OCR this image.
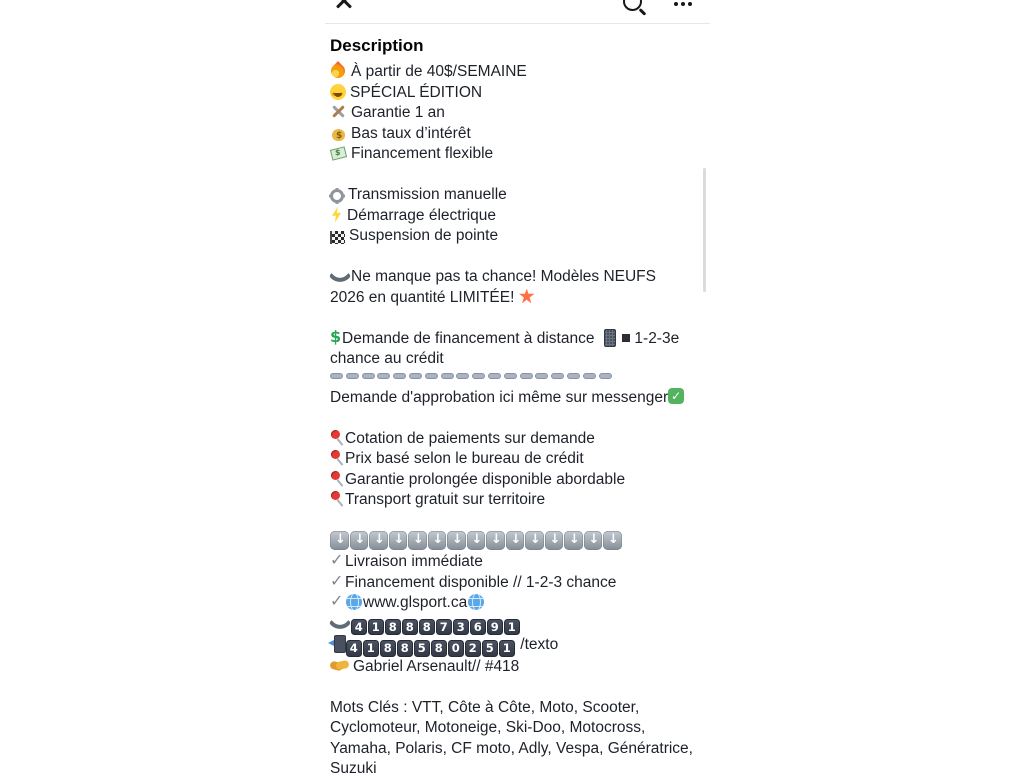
Description
À partir de 40$/SEMAINE
★ ★SPÉCIAL ÉDITION
Garantie 1 an
$Bas taux d’intérêt
$Financement flexible
Transmission manuelle
Démarrage électrique
Suspension de pointe
Ne manque pas ta chance! Modèles NEUFS 2026 en quantité LIMITÉE!
$Demande de financement à distance	1-2-3e chance au crédit
Demande d'approbation ici même sur messenger✓
Cotation de paiements sur demande
Prix basé selon le bureau de crédit
Garantie prolongée disponible abordable
Transport gratuit sur territoire
↓↓↓↓↓↓↓↓↓↓↓↓↓↓↓
✓Livraison immédiate
✓Financement disponible // 1-2-3 chance
✓www.glsport.ca
4 1 8 8 8 7 3 6 9 1
4 1 8 8 5 8 0 2 5 1 /texto
Gabriel Arsenault// #418
Mots Clés : VTT, Côte à Côte, Moto, Scooter, Cyclomoteur, Motoneige, Ski-Doo, Motocross, Yamaha, Polaris, CF moto, Adly, Vespa, Génératrice, Suzuki
